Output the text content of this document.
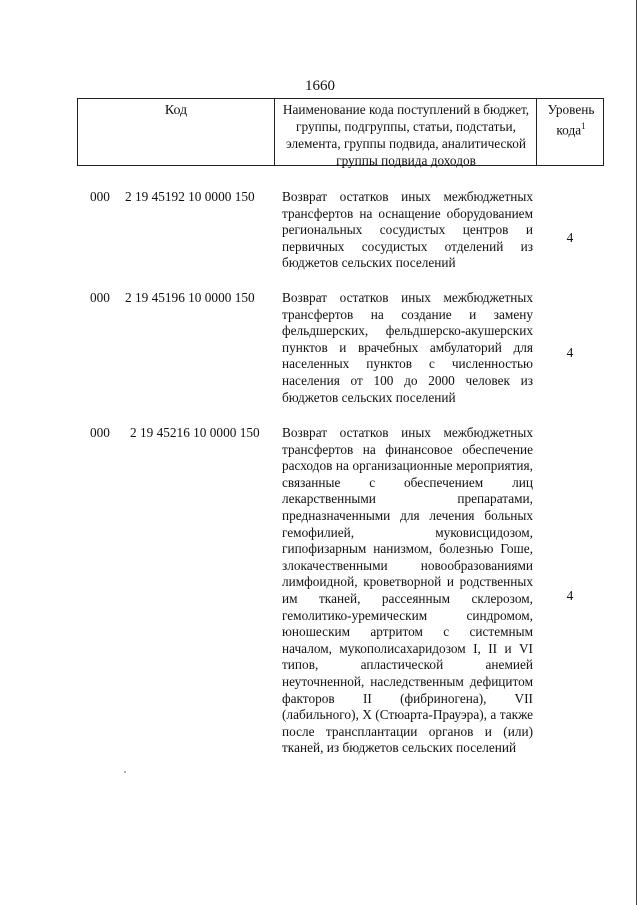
1660
Код	Наименование кода поступлений в бюджет, группы, подгруппы, статьи, подстатьи, элемента, группы подвида, аналитической группы подвида доходов
Уровень кода$^1$
000 2 19 45192 10 0000 150 Возврат остатков иных межбюджетных трансфертов на оснащение оборудованием региональных сосудистых центров и первичных сосудистых отделений из бюджетов сельских поселений
4
000 2 19 45196 10 0000 150 Возврат остатков иных межбюджетных трансфертов на создание и замену фельдшерских, фельдшерско-акушерских пунктов и врачебных амбулаторий для населенных пунктов с численностью населения от 100 до 2000 человек из бюджетов сельских поселений
4
000 2 19 45216 10 0000 150 Возврат остатков иных межбюджетных трансфертов на финансовое обеспечение расходов на организационные мероприятия, связанные с обеспечением лиц лекарственными препаратами, предназначенными для лечения больных гемофилией, муковисцидозом, гипофизарным нанизмом, болезнью Гоше, злокачественными новообразованиями лимфоидной, кроветворной и родственных им тканей, рассеянным склерозом, гемолитико-уремическим синдромом, юношеским артритом с системным началом, мукополисахаридозом I, II и VI типов, апластической анемией неуточненной, наследственным дефицитом факторов II (фибриногена), VII (лабильного), X (Стюарта-Прауэра), а также после трансплантации органов и (или) тканей, из бюджетов сельских поселений
4
